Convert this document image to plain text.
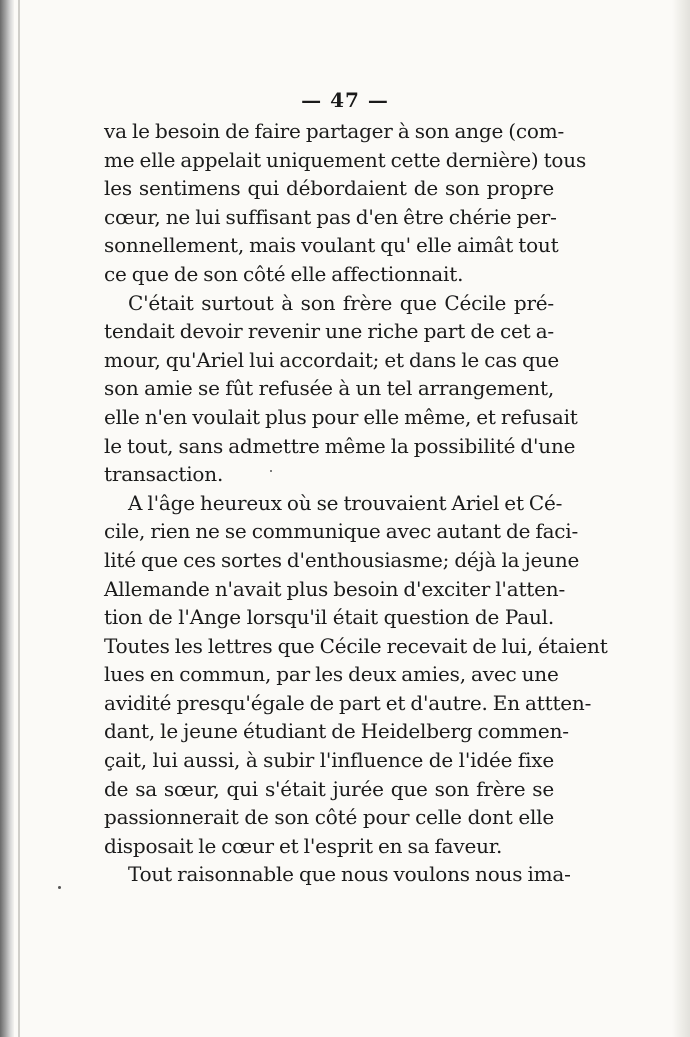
— 47 —
va le besoin de faire partager à son ange (com-
me elle appelait uniquement cette dernière) tous
les sentimens qui débordaient de son propre
cœur, ne lui suffisant pas d'en être chérie per-
sonnellement, mais voulant qu' elle aimât tout
ce que de son côté elle affectionnait.
C'était surtout à son frère que Cécile pré-
tendait devoir revenir une riche part de cet a-
mour, qu'Ariel lui accordait; et dans le cas que
son amie se fût refusée à un tel arrangement,
elle n'en voulait plus pour elle même, et refusait
le tout, sans admettre même la possibilité d'une
transaction.
A l'âge heureux où se trouvaient Ariel et Cé-
cile, rien ne se communique avec autant de faci-
lité que ces sortes d'enthousiasme; déjà la jeune
Allemande n'avait plus besoin d'exciter l'atten-
tion de l'Ange lorsqu'il était question de Paul.
Toutes les lettres que Cécile recevait de lui, étaient
lues en commun, par les deux amies, avec une
avidité presqu'égale de part et d'autre. En attten-
dant, le jeune étudiant de Heidelberg commen-
çait, lui aussi, à subir l'influence de l'idée fixe
de sa sœur, qui s'était jurée que son frère se
passionnerait de son côté pour celle dont elle
disposait le cœur et l'esprit en sa faveur.
Tout raisonnable que nous voulons nous ima-
